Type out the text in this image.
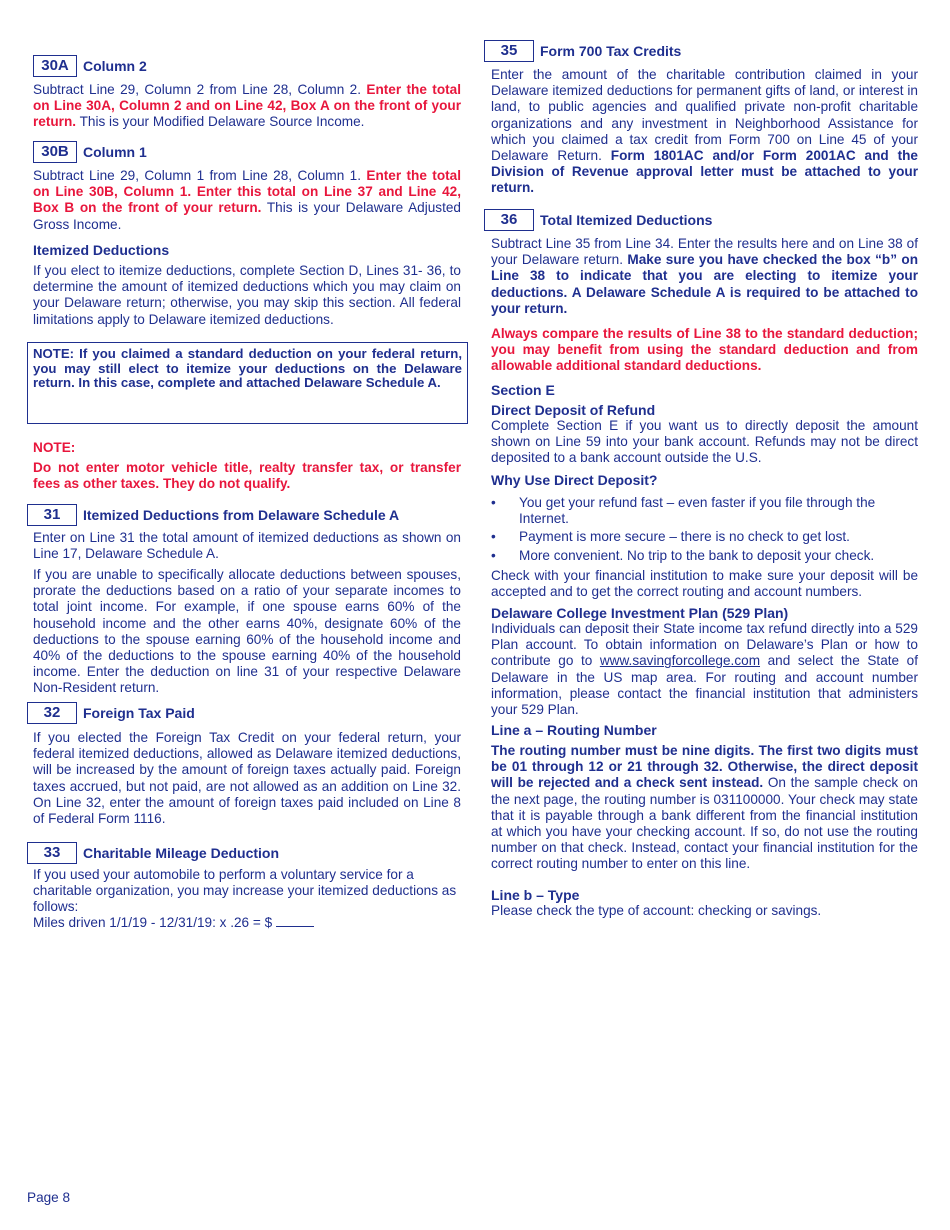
30A	Column 2

Subtract Line 29, Column 2 from Line 28, Column 2. Enter the total on Line 30A, Column 2 and on Line 42, Box A on the front of your return. This is your Modified Delaware Source Income.

30B	Column 1

Subtract Line 29, Column 1 from Line 28, Column 1. Enter the total on Line 30B, Column 1. Enter this total on Line 37 and Line 42, Box B on the front of your return. This is your Delaware Adjusted Gross Income.

Itemized Deductions

If you elect to itemize deductions, complete Section D, Lines 31- 36, to determine the amount of itemized deductions which you may claim on your Delaware return; otherwise, you may skip this section. All federal limitations apply to Delaware itemized deductions.

NOTE: If you claimed a standard deduction on your federal return, you may still elect to itemize your deductions on the Delaware return. In this case, complete and attached Delaware Schedule A.

NOTE:

Do not enter motor vehicle title, realty transfer tax, or transfer fees as other taxes. They do not qualify.

31	Itemized Deductions from Delaware Schedule A

Enter on Line 31 the total amount of itemized deductions as shown on Line 17, Delaware Schedule A.

If you are unable to specifically allocate deductions between spouses, prorate the deductions based on a ratio of your separate incomes to total joint income. For example, if one spouse earns 60% of the household income and the other earns 40%, designate 60% of the deductions to the spouse earning 60% of the household income and 40% of the deductions to the spouse earning 40% of the household income. Enter the deduction on line 31 of your respective Delaware Non-Resident return.

32	Foreign Tax Paid

If you elected the Foreign Tax Credit on your federal return, your federal itemized deductions, allowed as Delaware itemized deductions, will be increased by the amount of foreign taxes actually paid. Foreign taxes accrued, but not paid, are not allowed as an addition on Line 32. On Line 32, enter the amount of foreign taxes paid included on Line 8 of Federal Form 1116.

33	Charitable Mileage Deduction

If you used your automobile to perform a voluntary service for a charitable organization, you may increase your itemized deductions as follows:

Miles driven 1/1/19 - 12/31/19: x .26 = $

35	Form 700 Tax Credits

Enter the amount of the charitable contribution claimed in your Delaware itemized deductions for permanent gifts of land, or interest in land, to public agencies and qualified private non-profit charitable organizations and any investment in Neighborhood Assistance for which you claimed a tax credit from Form 700 on Line 45 of your Delaware Return. Form 1801AC and/or Form 2001AC and the Division of Revenue approval letter must be attached to your return.

36	Total Itemized Deductions

Subtract Line 35 from Line 34. Enter the results here and on Line 38 of your Delaware return. Make sure you have checked the box “b” on Line 38 to indicate that you are electing to itemize your deductions. A Delaware Schedule A is required to be attached to your return.

Always compare the results of Line 38 to the standard deduction; you may benefit from using the standard deduction and from allowable additional standard deductions.

Section E
Direct Deposit of Refund

Complete Section E if you want us to directly deposit the amount shown on Line 59 into your bank account. Refunds may not be direct deposited to a bank account outside the U.S.

Why Use Direct Deposit?
•	You get your refund fast – even faster if you file through the Internet.
•	Payment is more secure – there is no check to get lost.
•	More convenient. No trip to the bank to deposit your check.

Check with your financial institution to make sure your deposit will be accepted and to get the correct routing and account numbers.

Delaware College Investment Plan (529 Plan)

Individuals can deposit their State income tax refund directly into a 529 Plan account. To obtain information on Delaware’s Plan or how to contribute go to www.savingforcollege.com and select the State of Delaware in the US map area. For routing and account number information, please contact the financial institution that administers your 529 Plan.

Line a – Routing Number

The routing number must be nine digits. The first two digits must be 01 through 12 or 21 through 32. Otherwise, the direct deposit will be rejected and a check sent instead. On the sample check on the next page, the routing number is 031100000. Your check may state that it is payable through a bank different from the financial institution at which you have your checking account. If so, do not use the routing number on that check. Instead, contact your financial institution for the correct routing number to enter on this line.

Line b – Type

Please check the type of account: checking or savings.

Page 8
